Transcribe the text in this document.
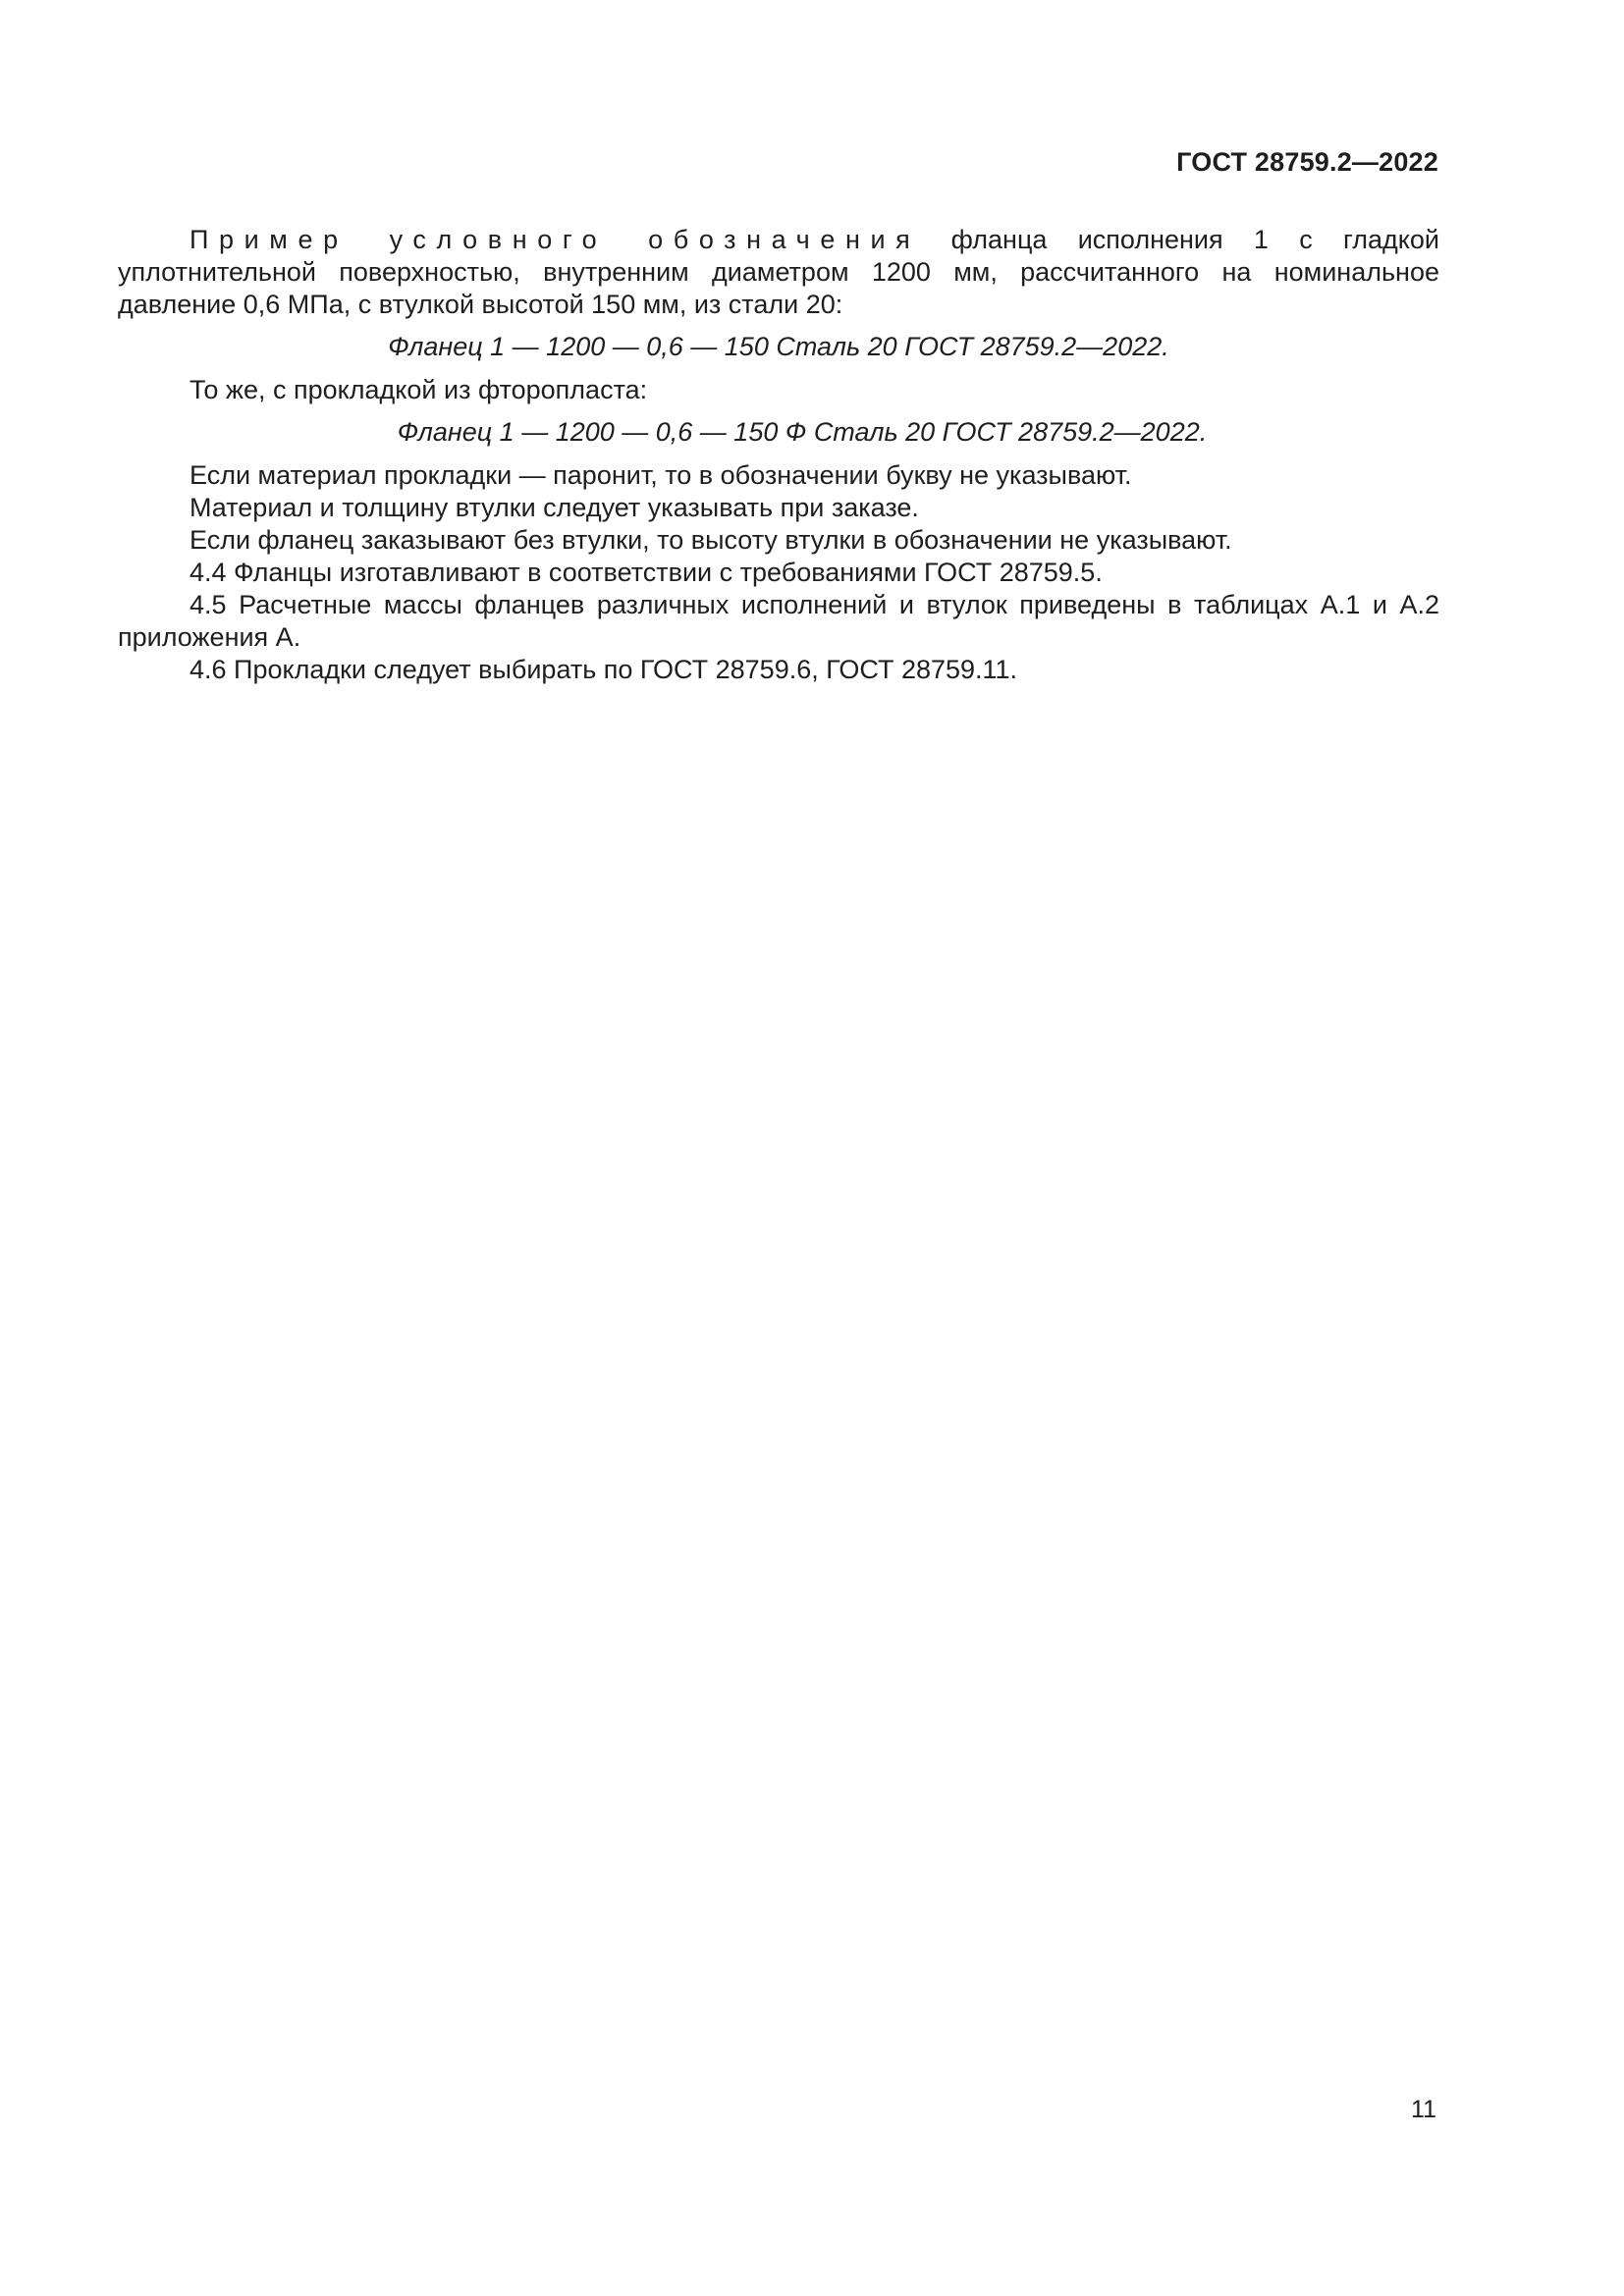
ГОСТ 28759.2—2022

Пример условного обозначения фланца исполнения 1 с гладкой уплотнительной поверхностью, внутренним диаметром 1200 мм, рассчитанного на номинальное давление 0,6 МПа, с втулкой высотой 150 мм, из стали 20:

Фланец 1 — 1200 — 0,6 — 150 Сталь 20 ГОСТ 28759.2—2022.

То же, с прокладкой из фторопласта:

Фланец 1 — 1200 — 0,6 — 150 Ф Сталь 20 ГОСТ 28759.2—2022.

Если материал прокладки — паронит, то в обозначении букву не указывают.

Материал и толщину втулки следует указывать при заказе.

Если фланец заказывают без втулки, то высоту втулки в обозначении не указывают.

4.4 Фланцы изготавливают в соответствии с требованиями ГОСТ 28759.5.

4.5 Расчетные массы фланцев различных исполнений и втулок приведены в таблицах А.1 и А.2 приложения А.

4.6 Прокладки следует выбирать по ГОСТ 28759.6, ГОСТ 28759.11.

11
